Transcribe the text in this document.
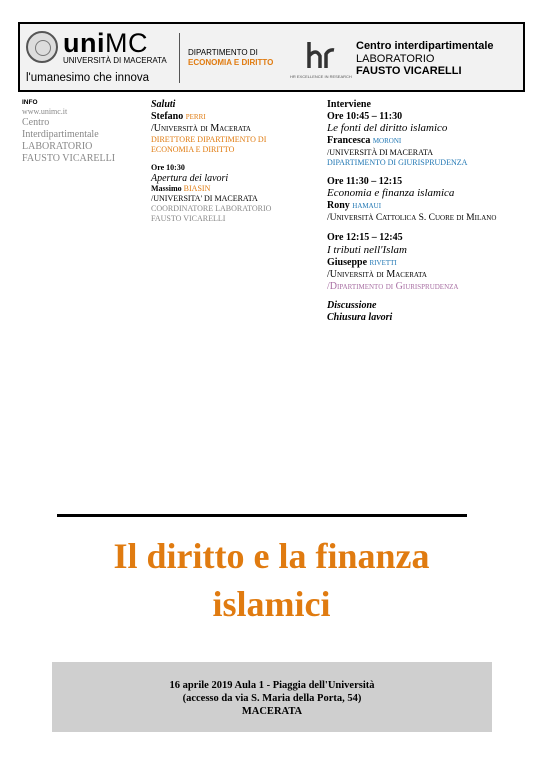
uniMC
UNIVERSITÀ DI MACERATA
l'umanesimo che innova
DIPARTIMENTO DI
ECONOMIA E DIRITTO
HR EXCELLENCE IN RESEARCH
Centro interdipartimentale
LABORATORIO
FAUSTO VICARELLI
INFO
www.unimc.it
Centro
Interdipartimentale
LABORATORIO
FAUSTO VICARELLI
Saluti
Stefano PERRI
/Università di Macerata
DIRETTORE DIPARTIMENTO DI
ECONOMIA E DIRITTO
Ore 10:30
Apertura dei lavori
Massimo BIASIN
/UNIVERSITA' DI MACERATA
COORDINATORE LABORATORIO
FAUSTO VICARELLI
Interviene
Ore 10:45 – 11:30
Le fonti del diritto islamico
Francesca MORONI
/UNIVERSITÀ DI MACERATA
DIPARTIMENTO DI GIURISPRUDENZA
Ore 11:30 – 12:15
Economia e finanza islamica
Rony HAMAUI
/Università Cattolica S. Cuore di Milano
Ore 12:15 – 12:45
I tributi nell'Islam
Giuseppe RIVETTI
/Università di Macerata
/Dipartimento di Giurisprudenza
Discussione
Chiusura lavori
Il diritto e la finanza
islamici
16 aprile 2019 Aula 1 - Piaggia dell'Università
(accesso da via S. Maria della Porta, 54)
MACERATA
